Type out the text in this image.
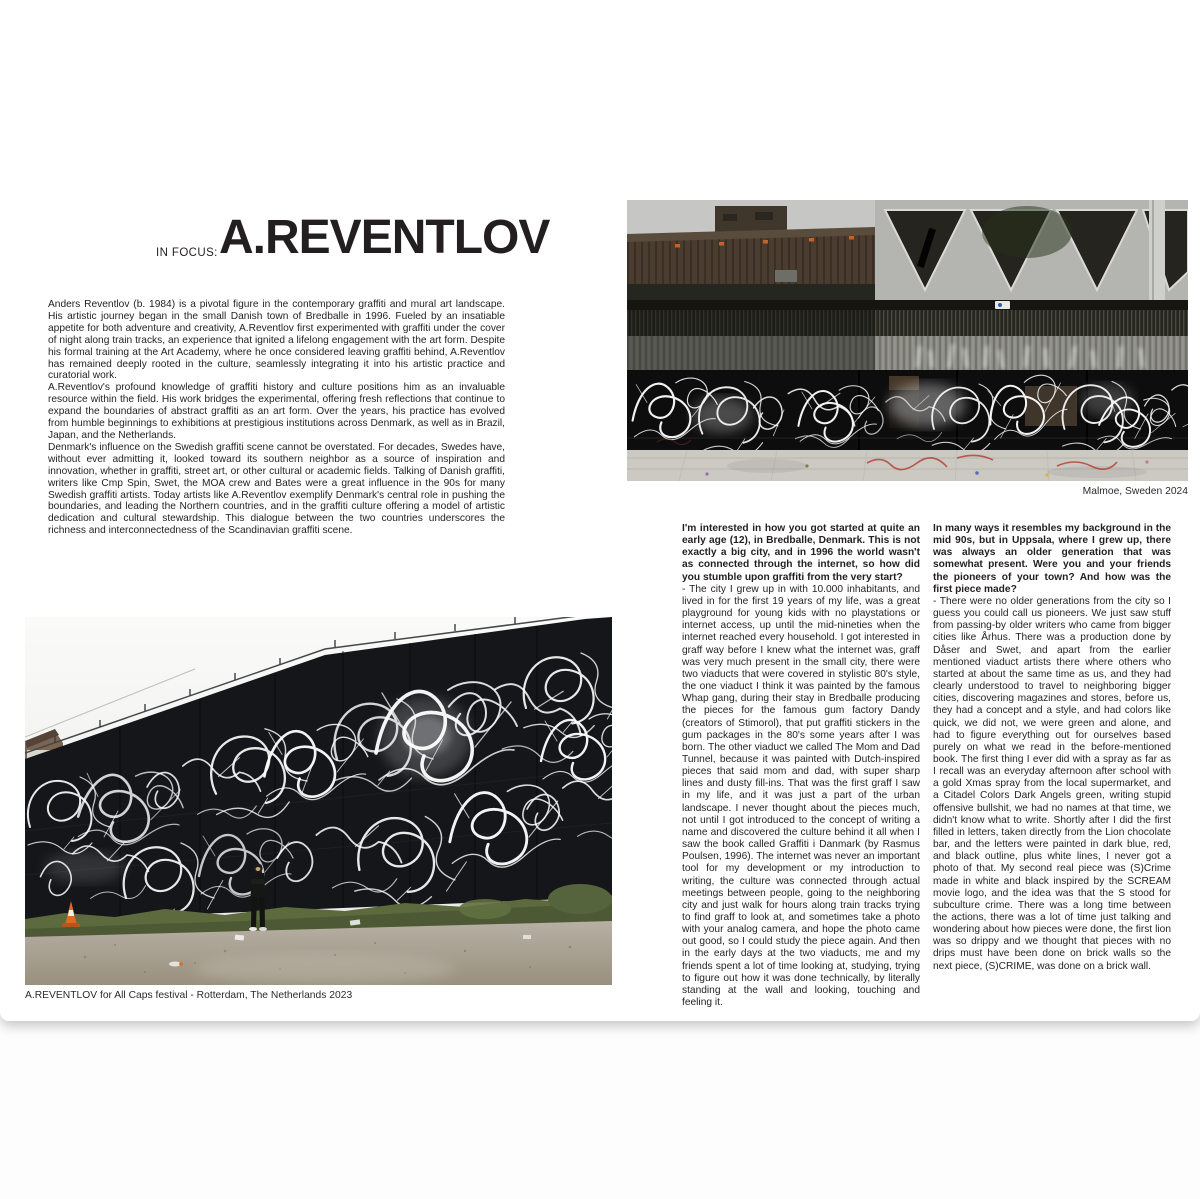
IN FOCUS: A.REVENTLOV

Anders Reventlov (b. 1984) is a pivotal figure in the contemporary graffiti and mural art landscape. His artistic journey began in the small Danish town of Bredballe in 1996. Fueled by an insatiable appetite for both adventure and creativity, A.Reventlov first experimented with graffiti under the cover of night along train tracks, an experience that ignited a lifelong engagement with the art form. Despite his formal training at the Art Academy, where he once considered leaving graffiti behind, A.Reventlov has remained deeply rooted in the culture, seamlessly integrating it into his artistic practice and curatorial work.

A.Reventlov's profound knowledge of graffiti history and culture positions him as an invaluable resource within the field. His work bridges the experimental, offering fresh reflections that continue to expand the boundaries of abstract graffiti as an art form. Over the years, his practice has evolved from humble beginnings to exhibitions at prestigious institutions across Denmark, as well as in Brazil, Japan, and the Netherlands.

Denmark's influence on the Swedish graffiti scene cannot be overstated. For decades, Swedes have, without ever admitting it, looked toward its southern neighbor as a source of inspiration and innovation, whether in graffiti, street art, or other cultural or academic fields. Talking of Danish graffiti, writers like Cmp Spin, Swet, the MOA crew and Bates were a great influence in the 90s for many Swedish graffiti artists. Today artists like A.Reventlov exemplify Denmark's central role in pushing the boundaries, and leading the Northern countries, and in the graffiti culture offering a model of artistic dedication and cultural stewardship. This dialogue between the two countries underscores the richness and interconnectedness of the Scandinavian graffiti scene.

A.REVENTLOV for All Caps festival - Rotterdam, The Netherlands 2023
Malmoe, Sweden 2024

I'm interested in how you got started at quite an early age (12), in Bredballe, Denmark. This is not exactly a big city, and in 1996 the world wasn't as connected through the internet, so how did you stumble upon graffiti from the very start?

- The city I grew up in with 10.000 inhabitants, and lived in for the first 19 years of my life, was a great playground for young kids with no playstations or internet access, up until the mid-nineties when the internet reached every household. I got interested in graff way before I knew what the internet was, graff was very much present in the small city, there were two viaducts that were covered in stylistic 80's style, the one viaduct I think it was painted by the famous Whap gang, during their stay in Bredballe producing the pieces for the famous gum factory Dandy (creators of Stimorol), that put graffiti stickers in the gum packages in the 80's some years after I was born. The other viaduct we called The Mom and Dad Tunnel, because it was painted with Dutch-inspired pieces that said mom and dad, with super sharp lines and dusty fill-ins. That was the first graff I saw in my life, and it was just a part of the urban landscape. I never thought about the pieces much, not until I got introduced to the concept of writing a name and discovered the culture behind it all when I saw the book called Graffiti i Danmark (by Rasmus Poulsen, 1996). The internet was never an important tool for my development or my introduction to writing, the culture was connected through actual meetings between people, going to the neighboring city and just walk for hours along train tracks trying to find graff to look at, and sometimes take a photo with your analog camera, and hope the photo came out good, so I could study the piece again. And then in the early days at the two viaducts, me and my friends spent a lot of time looking at, studying, trying to figure out how it was done technically, by literally standing at the wall and looking, touching and feeling it.

In many ways it resembles my background in the mid 90s, but in Uppsala, where I grew up, there was always an older generation that was somewhat present. Were you and your friends the pioneers of your town? And how was the first piece made?

- There were no older generations from the city so I guess you could call us pioneers. We just saw stuff from passing-by older writers who came from bigger cities like Århus. There was a production done by Dåser and Swet, and apart from the earlier mentioned viaduct artists there where others who started at about the same time as us, and they had clearly understood to travel to neighboring bigger cities, discovering magazines and stores, before us, they had a concept and a style, and had colors like quick, we did not, we were green and alone, and had to figure everything out for ourselves based purely on what we read in the before-mentioned book. The first thing I ever did with a spray as far as I recall was an everyday afternoon after school with a gold Xmas spray from the local supermarket, and a Citadel Colors Dark Angels green, writing stupid offensive bullshit, we had no names at that time, we didn't know what to write. Shortly after I did the first filled in letters, taken directly from the Lion chocolate bar, and the letters were painted in dark blue, red, and black outline, plus white lines, I never got a photo of that. My second real piece was (S)Crime made in white and black inspired by the SCREAM movie logo, and the idea was that the S stood for subculture crime. There was a long time between the actions, there was a lot of time just talking and wondering about how pieces were done, the first lion was so drippy and we thought that pieces with no drips must have been done on brick walls so the next piece, (S)CRIME, was done on a brick wall.
